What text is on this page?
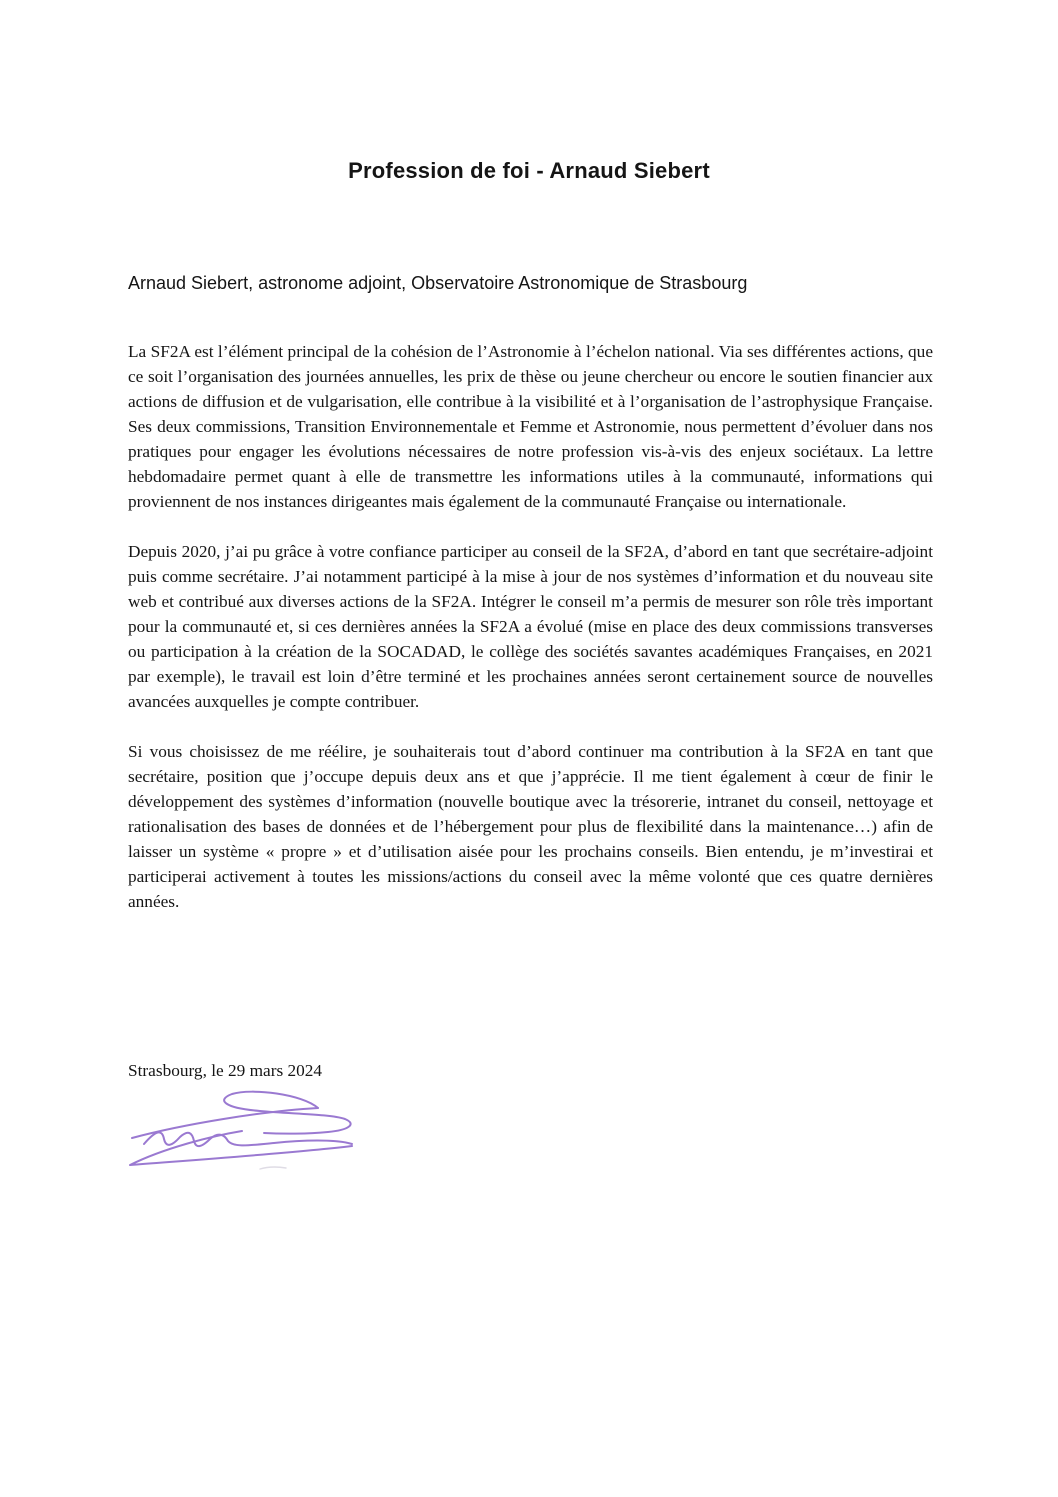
Profession de foi - Arnaud Siebert
Arnaud Siebert, astronome adjoint, Observatoire Astronomique de Strasbourg

La SF2A est l’élément principal de la cohésion de l’Astronomie à l’échelon national. Via ses différentes actions, que ce soit l’organisation des journées annuelles, les prix de thèse ou jeune chercheur ou encore le soutien financier aux actions de diffusion et de vulgarisation, elle contribue à la visibilité et à l’organisation de l’astrophysique Française. Ses deux commissions, Transition Environnementale et Femme et Astronomie, nous permettent d’évoluer dans nos pratiques pour engager les évolutions nécessaires de notre profession vis-à-vis des enjeux sociétaux. La lettre hebdomadaire permet quant à elle de transmettre les informations utiles à la communauté, informations qui proviennent de nos instances dirigeantes mais également de la communauté Française ou internationale.

Depuis 2020, j’ai pu grâce à votre confiance participer au conseil de la SF2A, d’abord en tant que secrétaire-adjoint puis comme secrétaire. J’ai notamment participé à la mise à jour de nos systèmes d’information et du nouveau site web et contribué aux diverses actions de la SF2A. Intégrer le conseil m’a permis de mesurer son rôle très important pour la communauté et, si ces dernières années la SF2A a évolué (mise en place des deux commissions transverses ou participation à la création de la SOCADAD, le collège des sociétés savantes académiques Françaises, en 2021 par exemple), le travail est loin d’être terminé et les prochaines années seront certainement source de nouvelles avancées auxquelles je compte contribuer.

Si vous choisissez de me réélire, je souhaiterais tout d’abord continuer ma contribution à la SF2A en tant que secrétaire, position que j’occupe depuis deux ans et que j’apprécie. Il me tient également à cœur de finir le développement des systèmes d’information (nouvelle boutique avec la trésorerie, intranet du conseil, nettoyage et rationalisation des bases de données et de l’hébergement pour plus de flexibilité dans la maintenance…) afin de laisser un système « propre » et d’utilisation aisée pour les prochains conseils. Bien entendu, je m’investirai et participerai activement à toutes les missions/actions du conseil avec la même volonté que ces quatre dernières années.

Strasbourg, le 29 mars 2024
